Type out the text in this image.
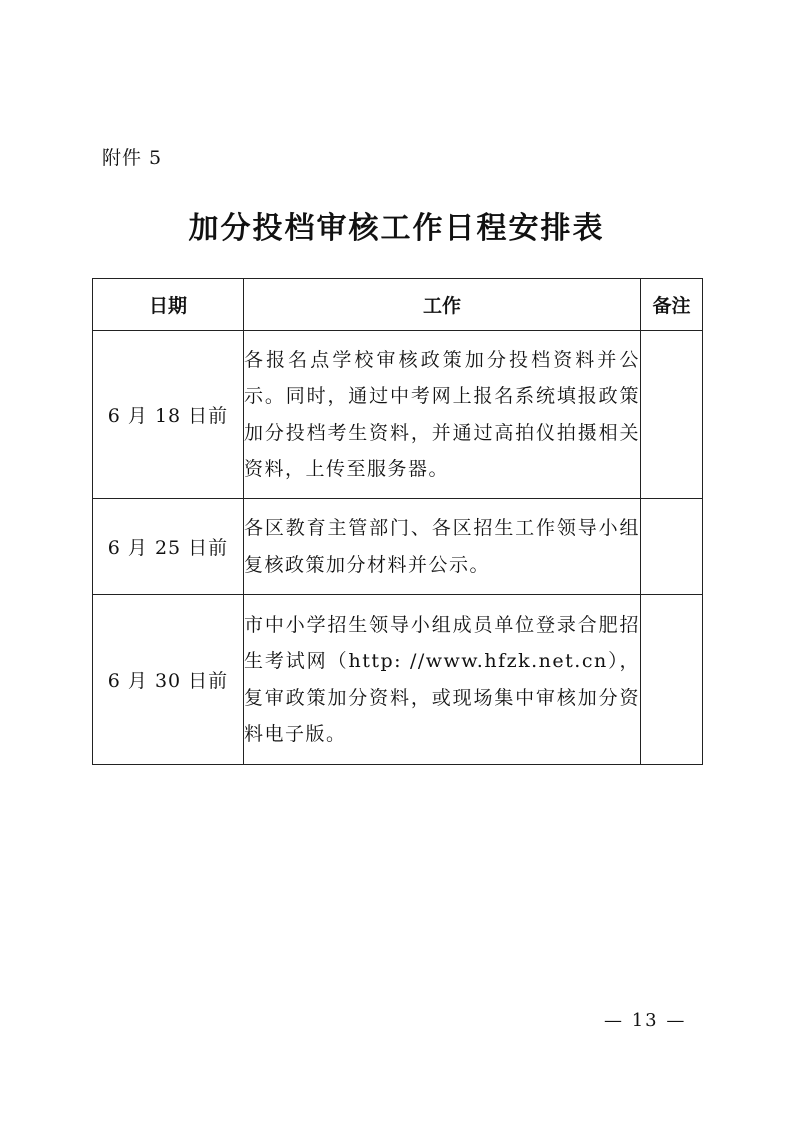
附件 5
加分投档审核工作日程安排表
日期	工作	备注
6 月 18 日前	各报名点学校审核政策加分投档资料并公示。同时，通过中考网上报名系统填报政策加分投档考生资料，并通过高拍仪拍摄相关资料，上传至服务器。	
6 月 25 日前	各区教育主管部门、各区招生工作领导小组复核政策加分材料并公示。	
6 月 30 日前	市中小学招生领导小组成员单位登录合肥招生考试网（http: //www.hfzk.net.cn），复审政策加分资料，或现场集中审核加分资料电子版。	
— 13 —
